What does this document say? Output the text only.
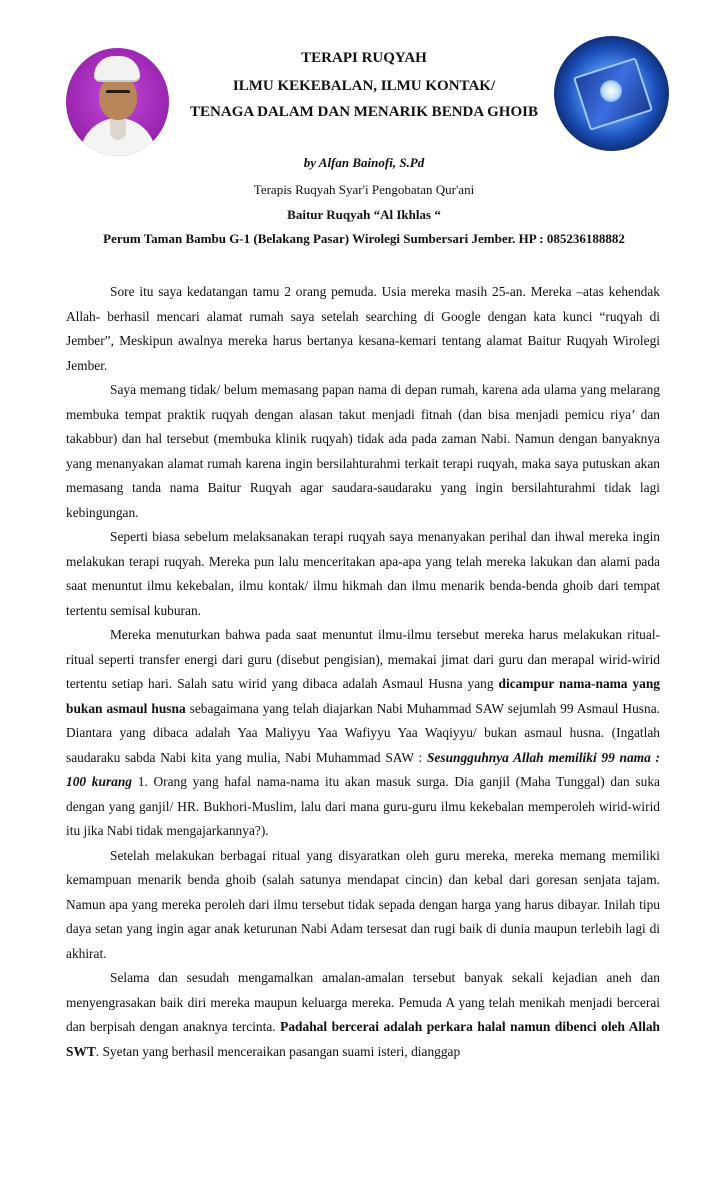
TERAPI RUQYAH
ILMU KEKEBALAN, ILMU KONTAK/
TENAGA DALAM DAN MENARIK BENDA GHOIB
by Alfan Bainofi, S.Pd
Terapis Ruqyah Syar'i Pengobatan Qur'ani
Baitur Ruqyah “Al Ikhlas “
Perum Taman Bambu G-1 (Belakang Pasar) Wirolegi Sumbersari Jember. HP : 085236188882

Sore itu saya kedatangan tamu 2 orang pemuda. Usia mereka masih 25-an. Mereka –atas kehendak Allah- berhasil mencari alamat rumah saya setelah searching di Google dengan kata kunci “ruqyah di Jember”, Meskipun awalnya mereka harus bertanya kesana-kemari tentang alamat Baitur Ruqyah Wirolegi Jember.

Saya memang tidak/ belum memasang papan nama di depan rumah, karena ada ulama yang melarang membuka tempat praktik ruqyah dengan alasan takut menjadi fitnah (dan bisa menjadi pemicu riya’ dan takabbur) dan hal tersebut (membuka klinik ruqyah) tidak ada pada zaman Nabi. Namun dengan banyaknya yang menanyakan alamat rumah karena ingin bersilahturahmi terkait terapi ruqyah, maka saya putuskan akan memasang tanda nama Baitur Ruqyah agar saudara-saudaraku yang ingin bersilahturahmi tidak lagi kebingungan.

Seperti biasa sebelum melaksanakan terapi ruqyah saya menanyakan perihal dan ihwal mereka ingin melakukan terapi ruqyah. Mereka pun lalu menceritakan apa-apa yang telah mereka lakukan dan alami pada saat menuntut ilmu kekebalan, ilmu kontak/ ilmu hikmah dan ilmu menarik benda-benda ghoib dari tempat tertentu semisal kuburan.

Mereka menuturkan bahwa pada saat menuntut ilmu-ilmu tersebut mereka harus melakukan ritual-ritual seperti transfer energi dari guru (disebut pengisian), memakai jimat dari guru dan merapal wirid-wirid tertentu setiap hari. Salah satu wirid yang dibaca adalah Asmaul Husna yang dicampur nama-nama yang bukan asmaul husna sebagaimana yang telah diajarkan Nabi Muhammad SAW sejumlah 99 Asmaul Husna. Diantara yang dibaca adalah Yaa Maliyyu Yaa Wafiyyu Yaa Waqiyyu/ bukan asmaul husna. (Ingatlah saudaraku sabda Nabi kita yang mulia, Nabi Muhammad SAW : Sesungguhnya Allah memiliki 99 nama : 100 kurang 1. Orang yang hafal nama-nama itu akan masuk surga. Dia ganjil (Maha Tunggal) dan suka dengan yang ganjil/ HR. Bukhori-Muslim, lalu dari mana guru-guru ilmu kekebalan memperoleh wirid-wirid itu jika Nabi tidak mengajarkannya?).

Setelah melakukan berbagai ritual yang disyaratkan oleh guru mereka, mereka memang memiliki kemampuan menarik benda ghoib (salah satunya mendapat cincin) dan kebal dari goresan senjata tajam. Namun apa yang mereka peroleh dari ilmu tersebut tidak sepada dengan harga yang harus dibayar. Inilah tipu daya setan yang ingin agar anak keturunan Nabi Adam tersesat dan rugi baik di dunia maupun terlebih lagi di akhirat.

Selama dan sesudah mengamalkan amalan-amalan tersebut banyak sekali kejadian aneh dan menyengrasakan baik diri mereka maupun keluarga mereka. Pemuda A yang telah menikah menjadi bercerai dan berpisah dengan anaknya tercinta. Padahal bercerai adalah perkara halal namun dibenci oleh Allah SWT. Syetan yang berhasil menceraikan pasangan suami isteri, dianggap
